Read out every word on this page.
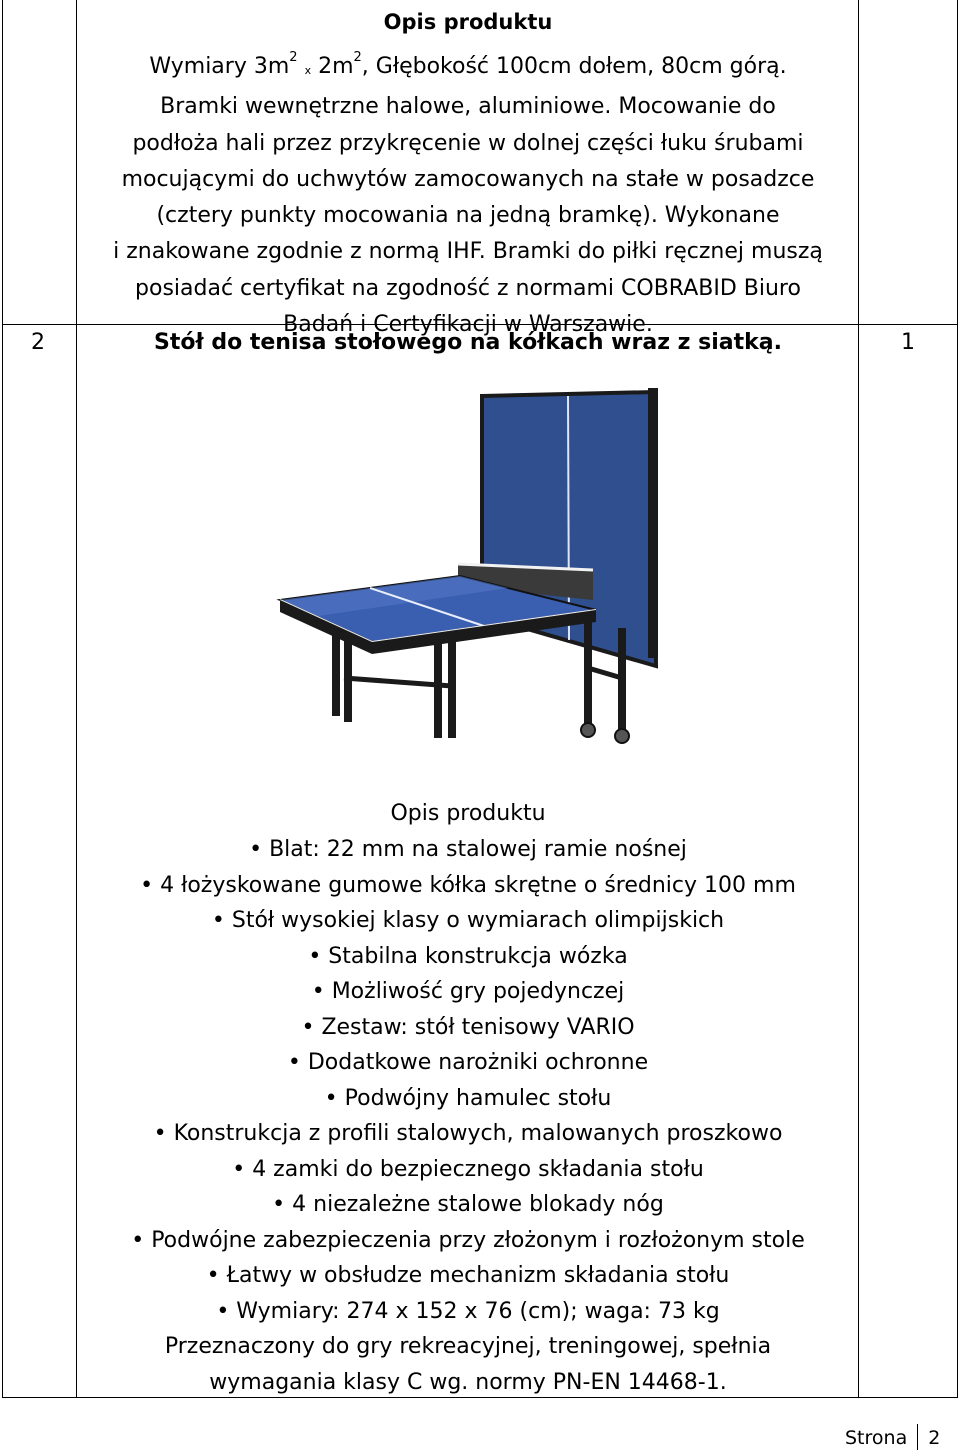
Opis produktu
Wymiary $3m^2$ x $2m^2$, Głębokość 100cm dołem, 80cm górą.
Bramki wewnętrzne halowe, aluminiowe. Mocowanie do
podłoża hali przez przykręcenie w dolnej części łuku śrubami
mocującymi do uchwytów zamocowanych na stałe w posadzce
(cztery punkty mocowania na jedną bramkę). Wykonane
i znakowane zgodnie z normą IHF. Bramki do piłki ręcznej muszą
posiadać certyfikat na zgodność z normami COBRABID Biuro
Badań i Certyfikacji w Warszawie.
2	Stół do tenisa stołowego na kółkach wraz z siatką.	1
Opis produktu
• Blat: 22 mm na stalowej ramie nośnej
• 4 łożyskowane gumowe kółka skrętne o średnicy 100 mm
• Stół wysokiej klasy o wymiarach olimpijskich
• Stabilna konstrukcja wózka
• Możliwość gry pojedynczej
• Zestaw: stół tenisowy VARIO
• Dodatkowe narożniki ochronne
• Podwójny hamulec stołu
• Konstrukcja z profili stalowych, malowanych proszkowo
• 4 zamki do bezpiecznego składania stołu
• 4 niezależne stalowe blokady nóg
• Podwójne zabezpieczenia przy złożonym i rozłożonym stole
• Łatwy w obsłudze mechanizm składania stołu
• Wymiary: 274 x 152 x 76 (cm); waga: 73 kg
Przeznaczony do gry rekreacyjnej, treningowej, spełnia
wymagania klasy C wg. normy PN-EN 14468-1.
Strona 2
